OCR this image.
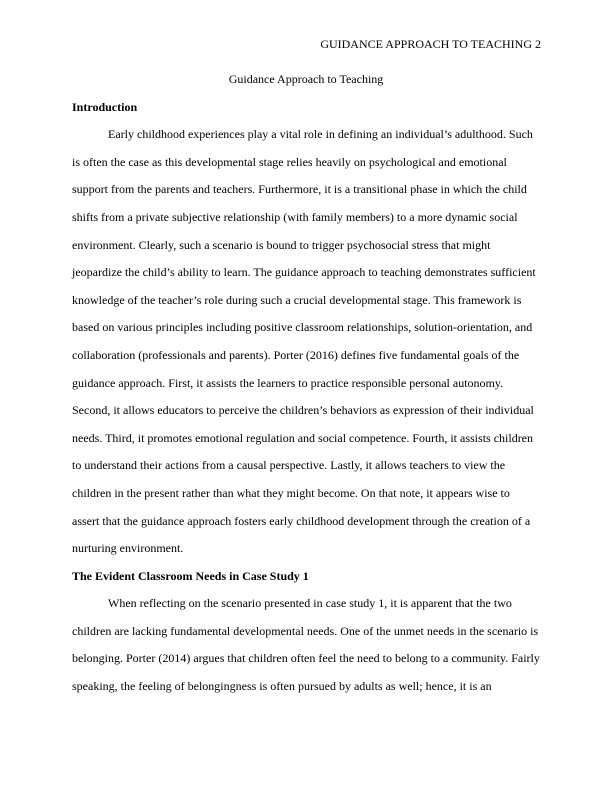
GUIDANCE APPROACH TO TEACHING 2

Guidance Approach to Teaching

Introduction

Early childhood experiences play a vital role in defining an individual’s adulthood. Such is often the case as this developmental stage relies heavily on psychological and emotional support from the parents and teachers. Furthermore, it is a transitional phase in which the child shifts from a private subjective relationship (with family members) to a more dynamic social environment. Clearly, such a scenario is bound to trigger psychosocial stress that might jeopardize the child’s ability to learn. The guidance approach to teaching demonstrates sufficient knowledge of the teacher’s role during such a crucial developmental stage. This framework is based on various principles including positive classroom relationships, solution-orientation, and collaboration (professionals and parents). Porter (2016) defines five fundamental goals of the guidance approach. First, it assists the learners to practice responsible personal autonomy. Second, it allows educators to perceive the children’s behaviors as expression of their individual needs. Third, it promotes emotional regulation and social competence. Fourth, it assists children to understand their actions from a causal perspective. Lastly, it allows teachers to view the children in the present rather than what they might become. On that note, it appears wise to assert that the guidance approach fosters early childhood development through the creation of a nurturing environment.

The Evident Classroom Needs in Case Study 1

When reflecting on the scenario presented in case study 1, it is apparent that the two children are lacking fundamental developmental needs. One of the unmet needs in the scenario is belonging. Porter (2014) argues that children often feel the need to belong to a community. Fairly speaking, the feeling of belongingness is often pursued by adults as well; hence, it is an
